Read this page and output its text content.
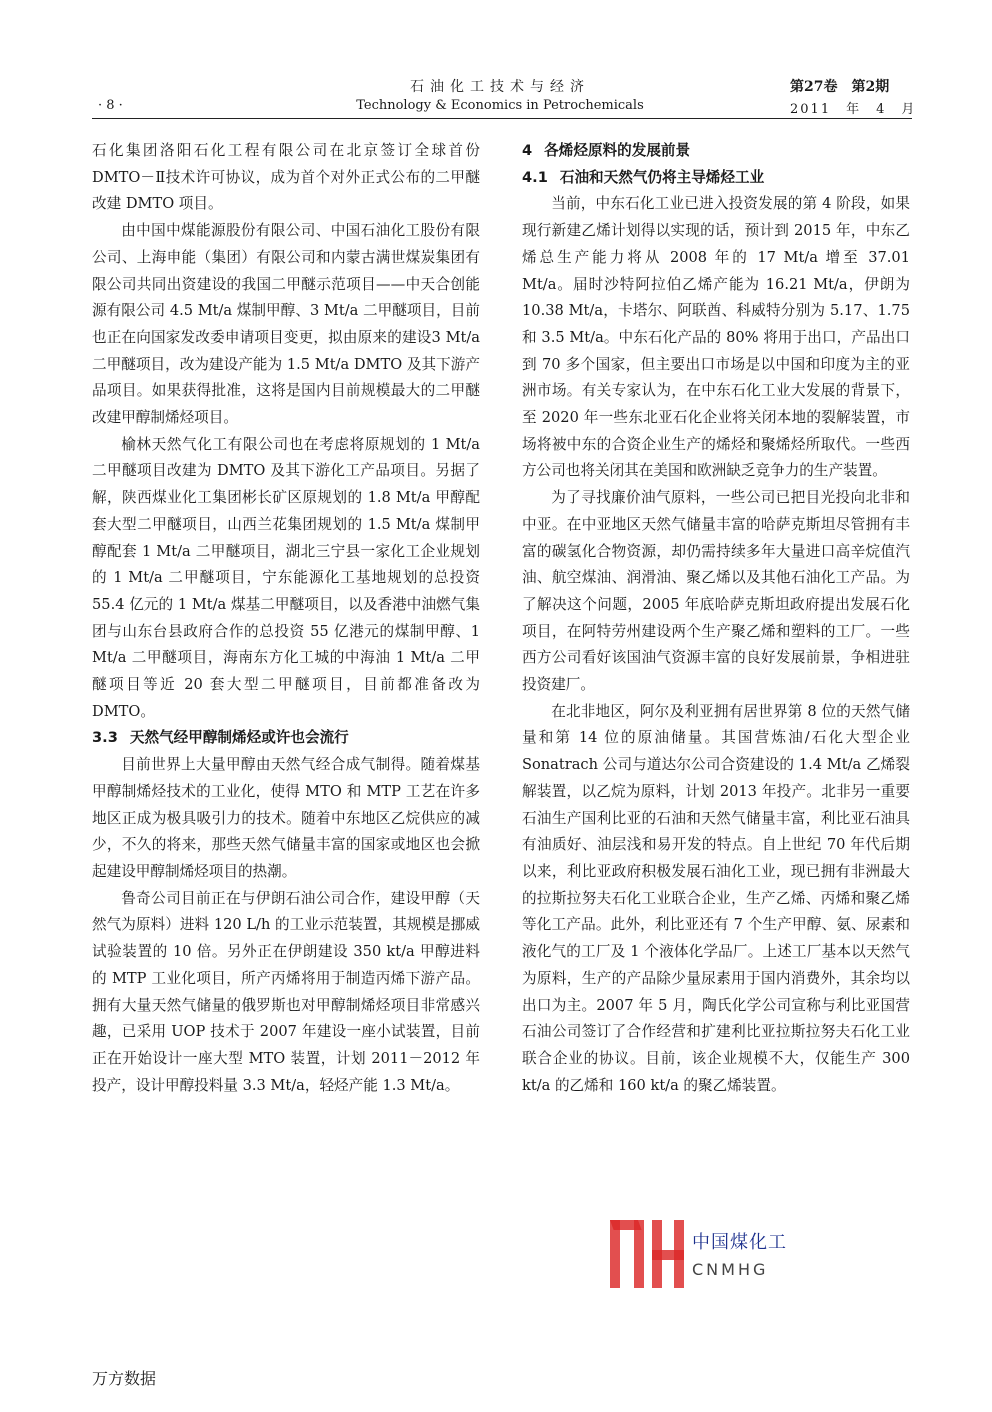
石油化工技术与经济
Technology & Economics in Petrochemicals
· 8 ·
第27卷　第2期
2011　年　4　月

石化集团洛阳石化工程有限公司在北京签订全球首份 DMTO－Ⅱ技术许可协议，成为首个对外正式公布的二甲醚改建 DMTO 项目。

由中国中煤能源股份有限公司、中国石油化工股份有限公司、上海申能（集团）有限公司和内蒙古满世煤炭集团有限公司共同出资建设的我国二甲醚示范项目——中天合创能源有限公司 4.5 Mt/a 煤制甲醇、3 Mt/a 二甲醚项目，目前也正在向国家发改委申请项目变更，拟由原来的建设3 Mt/a二甲醚项目，改为建设产能为 1.5 Mt/a DMTO 及其下游产品项目。如果获得批准，这将是国内目前规模最大的二甲醚改建甲醇制烯烃项目。

榆林天然气化工有限公司也在考虑将原规划的 1 Mt/a 二甲醚项目改建为 DMTO 及其下游化工产品项目。另据了解，陕西煤业化工集团彬长矿区原规划的 1.8 Mt/a 甲醇配套大型二甲醚项目，山西兰花集团规划的 1.5 Mt/a 煤制甲醇配套 1 Mt/a 二甲醚项目，湖北三宁县一家化工企业规划的 1 Mt/a 二甲醚项目，宁东能源化工基地规划的总投资 55.4 亿元的 1 Mt/a 煤基二甲醚项目，以及香港中油燃气集团与山东台县政府合作的总投资 55 亿港元的煤制甲醇、1 Mt/a 二甲醚项目，海南东方化工城的中海油 1 Mt/a 二甲醚项目等近 20 套大型二甲醚项目，目前都准备改为 DMTO。

3.3 天然气经甲醇制烯烃或许也会流行

目前世界上大量甲醇由天然气经合成气制得。随着煤基甲醇制烯烃技术的工业化，使得 MTO 和 MTP 工艺在许多地区正成为极具吸引力的技术。随着中东地区乙烷供应的减少，不久的将来，那些天然气储量丰富的国家或地区也会掀起建设甲醇制烯烃项目的热潮。

鲁奇公司目前正在与伊朗石油公司合作，建设甲醇（天然气为原料）进料 120 L/h 的工业示范装置，其规模是挪威试验装置的 10 倍。另外正在伊朗建设 350 kt/a 甲醇进料的 MTP 工业化项目，所产丙烯将用于制造丙烯下游产品。拥有大量天然气储量的俄罗斯也对甲醇制烯烃项目非常感兴趣，已采用 UOP 技术于 2007 年建设一座小试装置，目前正在开始设计一座大型 MTO 装置，计划 2011－2012 年投产，设计甲醇投料量 3.3 Mt/a，轻烃产能 1.3 Mt/a。

4 各烯烃原料的发展前景
4.1 石油和天然气仍将主导烯烃工业

当前，中东石化工业已进入投资发展的第 4 阶段，如果现行新建乙烯计划得以实现的话，预计到 2015 年，中东乙烯总生产能力将从 2008 年的 17 Mt/a 增至 37.01 Mt/a。届时沙特阿拉伯乙烯产能为 16.21 Mt/a，伊朗为 10.38 Mt/a，卡塔尔、阿联酋、科威特分别为 5.17、1.75 和 3.5 Mt/a。中东石化产品的 80% 将用于出口，产品出口到 70 多个国家，但主要出口市场是以中国和印度为主的亚洲市场。有关专家认为，在中东石化工业大发展的背景下，至 2020 年一些东北亚石化企业将关闭本地的裂解装置，市场将被中东的合资企业生产的烯烃和聚烯烃所取代。一些西方公司也将关闭其在美国和欧洲缺乏竞争力的生产装置。

为了寻找廉价油气原料，一些公司已把目光投向北非和中亚。在中亚地区天然气储量丰富的哈萨克斯坦尽管拥有丰富的碳氢化合物资源，却仍需持续多年大量进口高辛烷值汽油、航空煤油、润滑油、聚乙烯以及其他石油化工产品。为了解决这个问题，2005 年底哈萨克斯坦政府提出发展石化项目，在阿特劳州建设两个生产聚乙烯和塑料的工厂。一些西方公司看好该国油气资源丰富的良好发展前景，争相进驻投资建厂。

在北非地区，阿尔及利亚拥有居世界第 8 位的天然气储量和第 14 位的原油储量。其国营炼油/石化大型企业 Sonatrach 公司与道达尔公司合资建设的 1.4 Mt/a 乙烯裂解装置，以乙烷为原料，计划 2013 年投产。北非另一重要石油生产国利比亚的石油和天然气储量丰富，利比亚石油具有油质好、油层浅和易开发的特点。自上世纪 70 年代后期以来，利比亚政府积极发展石油化工业，现已拥有非洲最大的拉斯拉努夫石化工业联合企业，生产乙烯、丙烯和聚乙烯等化工产品。此外，利比亚还有 7 个生产甲醇、氨、尿素和液化气的工厂及 1 个液体化学品厂。上述工厂基本以天然气为原料，生产的产品除少量尿素用于国内消费外，其余均以出口为主。2007 年 5 月，陶氏化学公司宣称与利比亚国营石油公司签订了合作经营和扩建利比亚拉斯拉努夫石化工业联合企业的协议。目前，该企业规模不大，仅能生产 300 kt/a 的乙烯和 160 kt/a 的聚乙烯装置。

中国煤化工
CNMHG
万方数据
